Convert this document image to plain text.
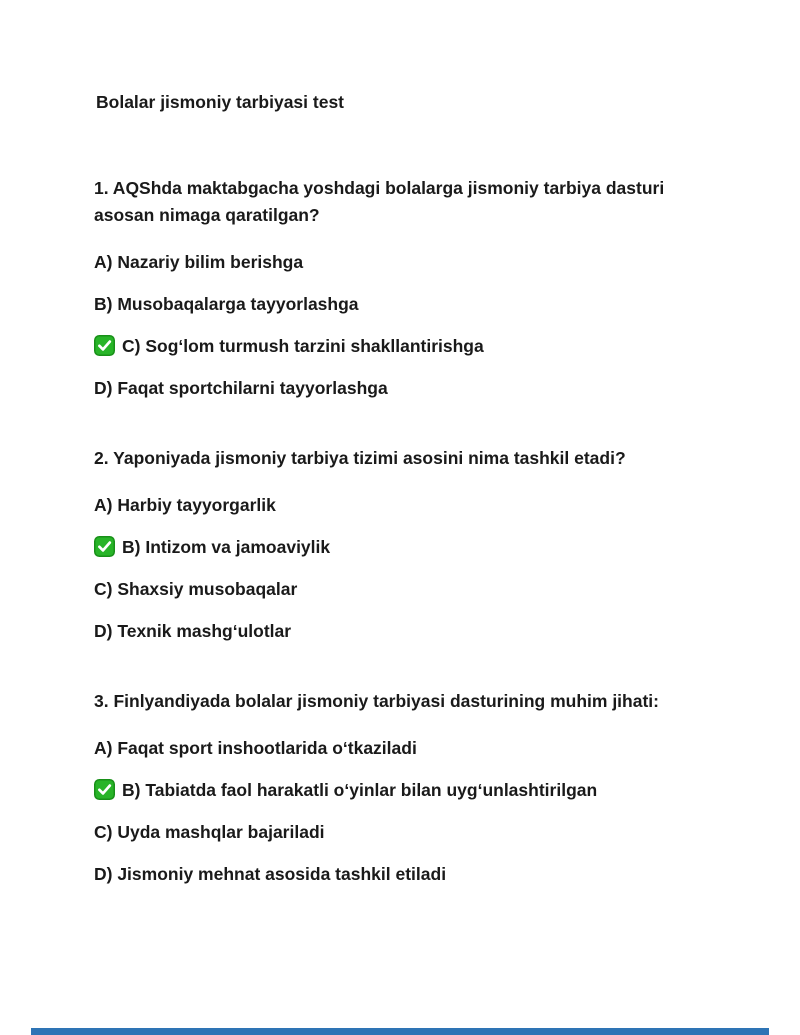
Bolalar jismoniy tarbiyasi test

1. AQShda maktabgacha yoshdagi bolalarga jismoniy tarbiya dasturi asosan nimaga qaratilgan?

A) Nazariy bilim berishga

B) Musobaqalarga tayyorlashga

C) Sogʻlom turmush tarzini shakllantirishga

D) Faqat sportchilarni tayyorlashga

2. Yaponiyada jismoniy tarbiya tizimi asosini nima tashkil etadi?

A) Harbiy tayyorgarlik

B) Intizom va jamoaviylik

C) Shaxsiy musobaqalar

D) Texnik mashgʻulotlar

3. Finlyandiyada bolalar jismoniy tarbiyasi dasturining muhim jihati:

A) Faqat sport inshootlarida oʻtkaziladi

B) Tabiatda faol harakatli oʻyinlar bilan uygʻunlashtirilgan

C) Uyda mashqlar bajariladi

D) Jismoniy mehnat asosida tashkil etiladi
